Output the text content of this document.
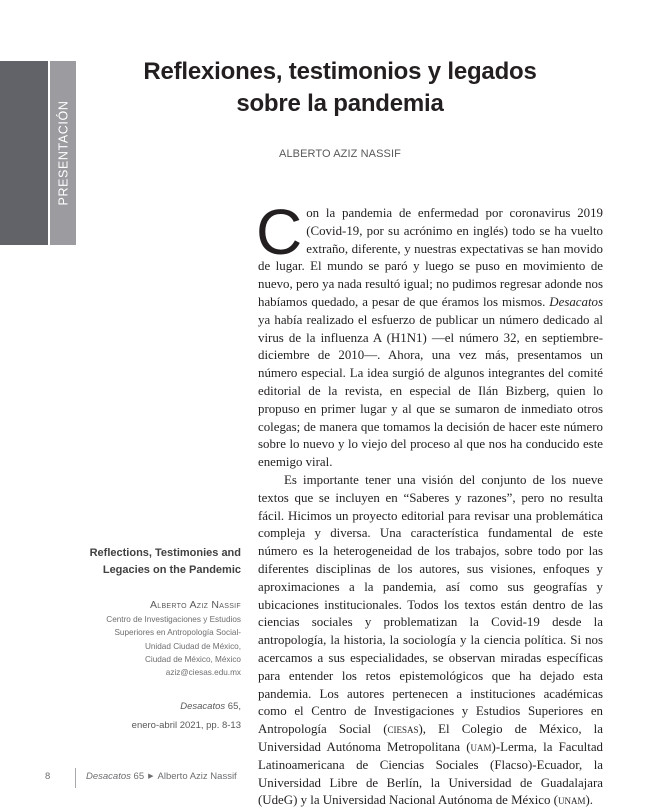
PRESENTACIÓN
Reflexiones, testimonios y legados
sobre la pandemia
ALBERTO AZIZ NASSIF

Con la pandemia de enfermedad por coronavirus 2019 (Covid-19, por su acrónimo en inglés) todo se ha vuelto extraño, diferente, y nuestras expectativas se han movido de lugar. El mundo se paró y luego se puso en movimiento de nuevo, pero ya nada resultó igual; no pudimos regresar adonde nos habíamos quedado, a pesar de que éramos los mismos. Desacatos ya había realizado el esfuerzo de publicar un número dedicado al virus de la influenza A (H1N1) —el número 32, en septiembre-diciembre de 2010—. Ahora, una vez más, presentamos un número especial. La idea surgió de algunos integrantes del comité editorial de la revista, en especial de Ilán Bizberg, quien lo propuso en primer lugar y al que se sumaron de inmediato otros colegas; de manera que tomamos la decisión de hacer este número sobre lo nuevo y lo viejo del proceso al que nos ha conducido este enemigo viral.

Es importante tener una visión del conjunto de los nueve textos que se incluyen en “Saberes y razones”, pero no resulta fácil. Hicimos un proyecto editorial para revisar una problemática compleja y diversa. Una característica fundamental de este número es la heterogeneidad de los trabajos, sobre todo por las diferentes disciplinas de los autores, sus visiones, enfoques y aproximaciones a la pandemia, así como sus geografías y ubicaciones institucionales. Todos los textos están dentro de las ciencias sociales y problematizan la Covid-19 desde la antropología, la historia, la sociología y la ciencia política. Si nos acercamos a sus especialidades, se observan miradas específicas para entender los retos epistemológicos que ha dejado esta pandemia. Los autores pertenecen a instituciones académicas como el Centro de Investigaciones y Estudios Superiores en Antropología Social (ciesas), El Colegio de México, la Universidad Autónoma Metropolitana (uam)-Lerma, la Facultad Latinoamericana de Ciencias Sociales (Flacso)-Ecuador, la Universidad Libre de Berlín, la Universidad de Guadalajara (UdeG) y la Universidad Nacional Autónoma de México (unam).

Reflections, Testimonies and
Legacies on the Pandemic
Alberto Aziz Nassif
Centro de Investigaciones y Estudios
Superiores en Antropología Social-
Unidad Ciudad de México,
Ciudad de México, México
aziz@ciesas.edu.mx
Desacatos 65,
enero-abril 2021, pp. 8-13
8	Desacatos 65 ▶ Alberto Aziz Nassif
